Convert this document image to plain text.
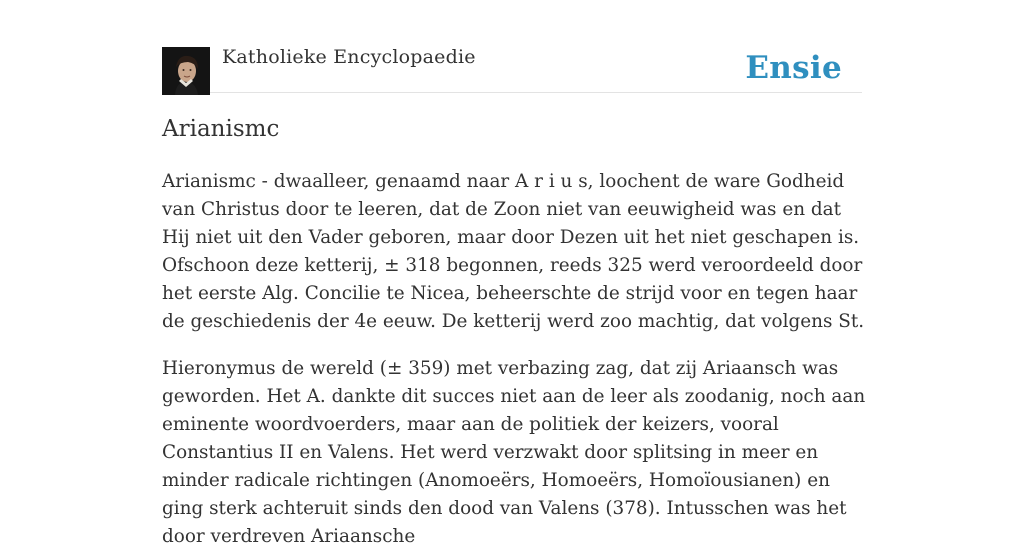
Katholieke Encyclopaedie	Ensie
Arianismc

Arianismc - dwaalleer, genaamd naar A r i u s, loochent de ware Godheid van Christus door te leeren, dat de Zoon niet van eeuwigheid was en dat Hij niet uit den Vader geboren, maar door Dezen uit het niet geschapen is. Ofschoon deze ketterij, ± 318 begonnen, reeds 325 werd veroordeeld door het eerste Alg. Concilie te Nicea, beheerschte de strijd voor en tegen haar de geschiedenis der 4e eeuw. De ketterij werd zoo machtig, dat volgens St.

Hieronymus de wereld (± 359) met verbazing zag, dat zij Ariaansch was geworden. Het A. dankte dit succes niet aan de leer als zoodanig, noch aan eminente woordvoerders, maar aan de politiek der keizers, vooral Constantius II en Valens. Het werd verzwakt door splitsing in meer en minder radicale richtingen (Anomoeërs, Homoeërs, Homoïousianen) en ging sterk achteruit sinds den dood van Valens (378). Intusschen was het door verdreven Ariaansche
